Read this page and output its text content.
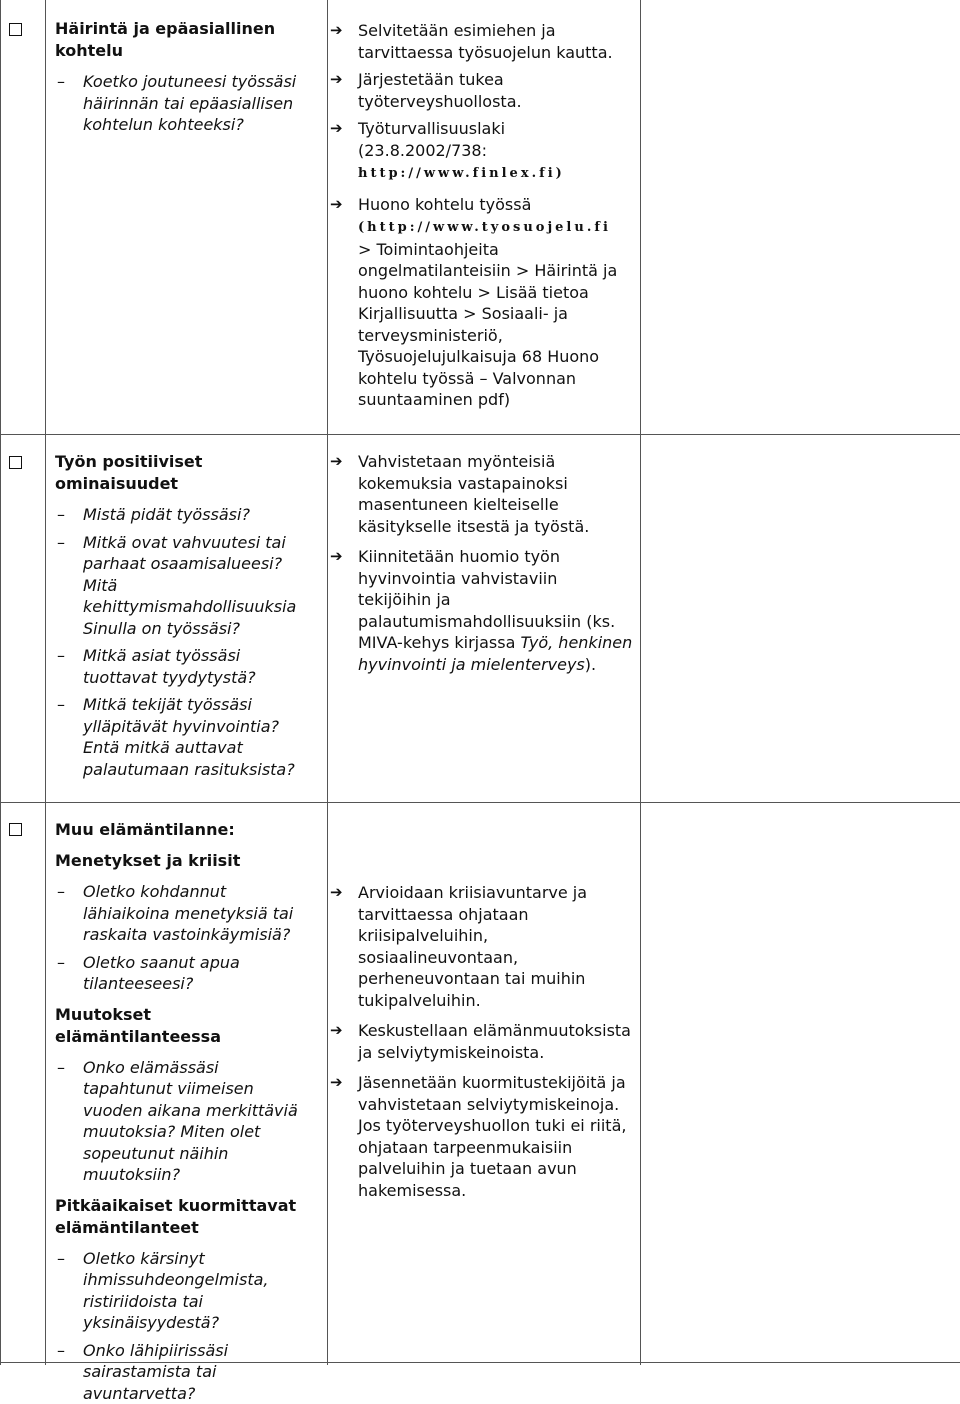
Häirintä ja epäasiallinen kohtelu

– Koetko joutuneesi työssäsi häirinnän tai epäasiallisen kohtelun kohteeksi?

➔ Selvitetään esimiehen ja tarvittaessa työsuojelun kautta.

➔ Järjestetään tukea työterveyshuollosta.

➔ Työturvallisuuslaki (23.8.2002/738:
http://www.finlex.fi)

➔ Huono kohtelu työssä
(http://www.tyosuojelu.fi
> Toimintaohjeita ongelmatilanteisiin > Häirintä ja huono kohtelu > Lisää tietoa Kirjallisuutta > Sosiaali- ja terveysministeriö, Työsuojelujulkaisuja 68 Huono kohtelu työssä – Valvonnan suuntaaminen pdf)

Työn positiiviset ominaisuudet

– Mistä pidät työssäsi?

– Mitkä ovat vahvuutesi tai parhaat osaamisalueesi? Mitä kehittymismahdollisuuksia Sinulla on työssäsi?

– Mitkä asiat työssäsi tuottavat tyydytystä?

– Mitkä tekijät työssäsi ylläpitävät hyvinvointia? Entä mitkä auttavat palautumaan rasituksista?

➔ Vahvistetaan myönteisiä kokemuksia vastapainoksi masentuneen kielteiselle käsitykselle itsestä ja työstä.

➔ Kiinnitetään huomio työn hyvinvointia vahvistaviin tekijöihin ja palautumismahdollisuuksiin (ks. MIVA-kehys kirjassa Työ, henkinen hyvinvointi ja mielenterveys).

Muu elämäntilanne:

Menetykset ja kriisit

– Oletko kohdannut lähiaikoina menetyksiä tai raskaita vastoinkäymisiä?

– Oletko saanut apua tilanteeseesi?

Muutokset elämäntilanteessa

– Onko elämässäsi tapahtunut viimeisen vuoden aikana merkittäviä muutoksia? Miten olet sopeutunut näihin muutoksiin?

Pitkäaikaiset kuormittavat elämäntilanteet

– Oletko kärsinyt ihmissuhdeongelmista, ristiriidoista tai yksinäisyydestä?

– Onko lähipiirissäsi sairastamista tai avuntarvetta?

➔ Arvioidaan kriisiavuntarve ja tarvittaessa ohjataan kriisipalveluihin, sosiaalineuvontaan, perheneuvontaan tai muihin tukipalveluihin.

➔ Keskustellaan elämänmuutoksista ja selviytymiskeinoista.

➔ Jäsennetään kuormitustekijöitä ja vahvistetaan selviytymiskeinoja. Jos työterveyshuollon tuki ei riitä, ohjataan tarpeenmukaisiin palveluihin ja tuetaan avun hakemisessa.
